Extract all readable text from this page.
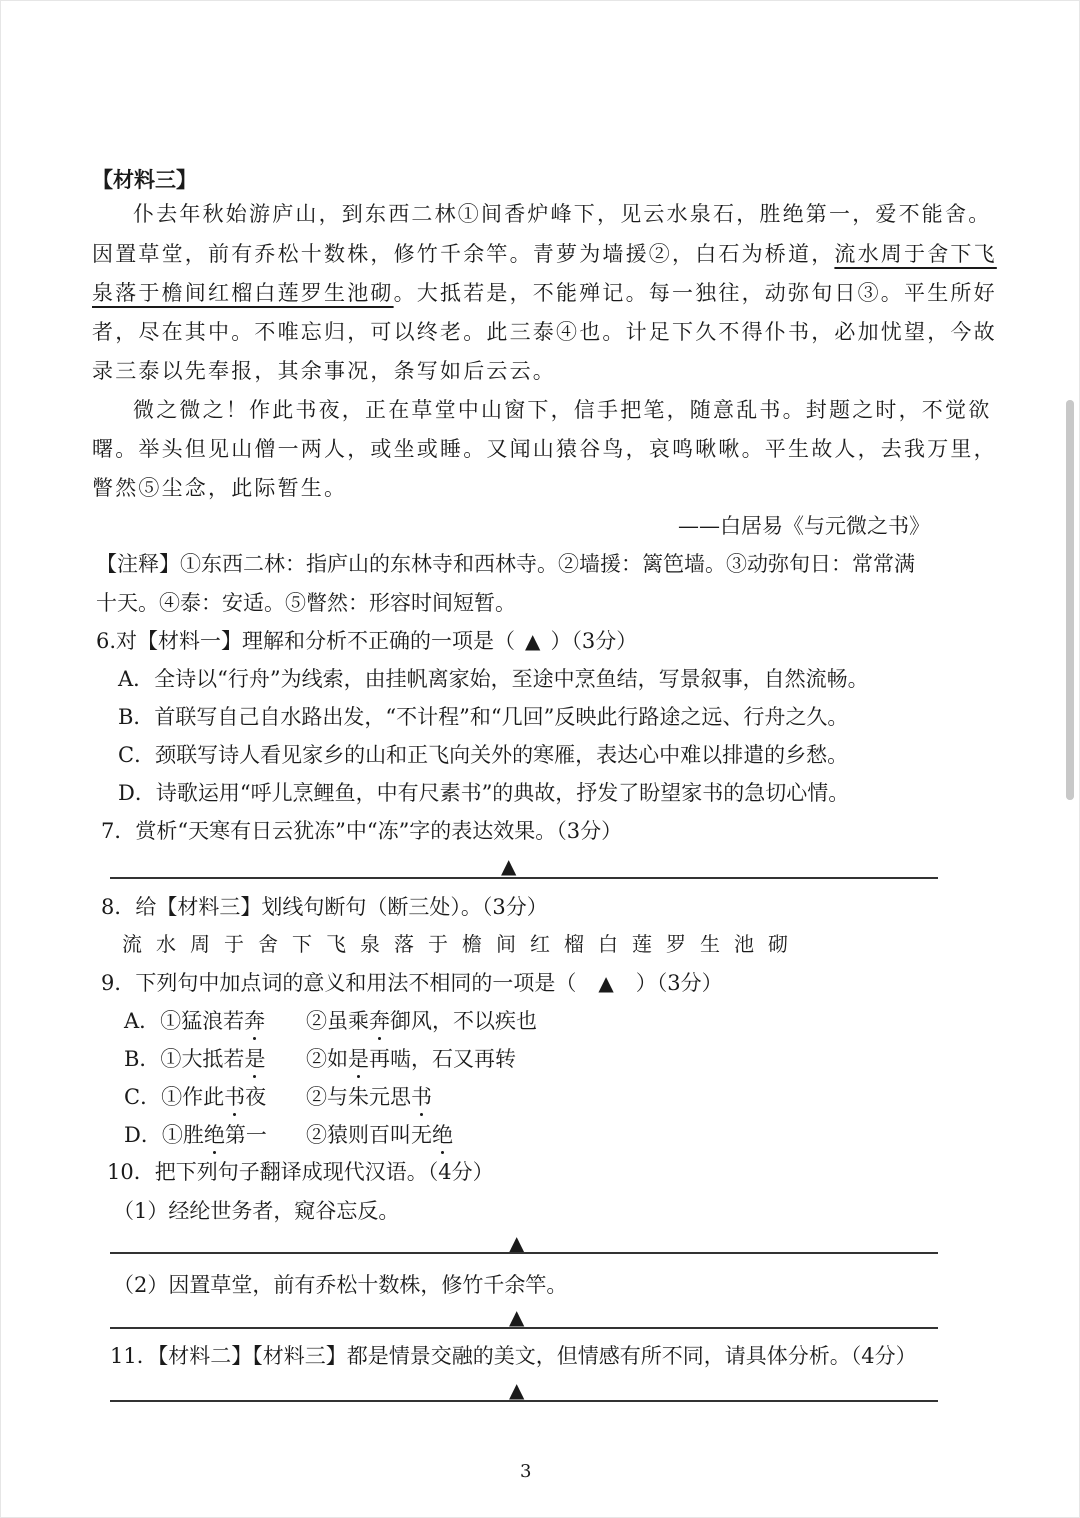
【材料三】
仆去年秋始游庐山，到东西二林①间香炉峰下，见云水泉石，胜绝第一，爱不能舍。
因置草堂，前有乔松十数株，修竹千余竿。青萝为墙援②，白石为桥道，流水周于舍下飞
泉落于檐间红榴白莲罗生池砌。大抵若是，不能殚记。每一独往，动弥旬日③。平生所好
者，尽在其中。不唯忘归，可以终老。此三泰④也。计足下久不得仆书，必加忧望，今故
录三泰以先奉报，其余事况，条写如后云云。
微之微之！作此书夜，正在草堂中山窗下，信手把笔，随意乱书。封题之时，不觉欲
曙。举头但见山僧一两人，或坐或睡。又闻山猿谷鸟，哀鸣啾啾。平生故人，去我万里，
瞥然⑤尘念，此际暂生。
——白居易《与元微之书》
【注释】①东西二林：指庐山的东林寺和西林寺。②墙援：篱笆墙。③动弥旬日：常常满
十天。④泰：安适。⑤瞥然：形容时间短暂。
6.对【材料一】理解和分析不正确的一项是（ ▲ ）（3分）
A．全诗以“行舟”为线索，由挂帆离家始，至途中烹鱼结，写景叙事，自然流畅。
B．首联写自己自水路出发，“不计程”和“几回”反映此行路途之远、行舟之久。
C．颈联写诗人看见家乡的山和正飞向关外的寒雁，表达心中难以排遣的乡愁。
D．诗歌运用“呼儿烹鲤鱼，中有尺素书”的典故，抒发了盼望家书的急切心情。
7．赏析“天寒有日云犹冻”中“冻”字的表达效果。（3分）
▲
8．给【材料三】划线句断句（断三处）。（3分）
流水周于舍下飞泉落于檐间红榴白莲罗生池砌
9．下列句中加点词的意义和用法不相同的一项是（ ▲ ）（3分）
A．①猛浪若奔 ②虽乘奔御风，不以疾也
B．①大抵若是 ②如是再啮，石又再转
C．①作此书夜 ②与朱元思书
D．①胜绝第一 ②猿则百叫无绝
10．把下列句子翻译成现代汉语。（4分）
（1）经纶世务者，窥谷忘反。
▲
（2）因置草堂，前有乔松十数株，修竹千余竿。
▲
11．【材料二】【材料三】都是情景交融的美文，但情感有所不同，请具体分析。（4分）
▲
3
